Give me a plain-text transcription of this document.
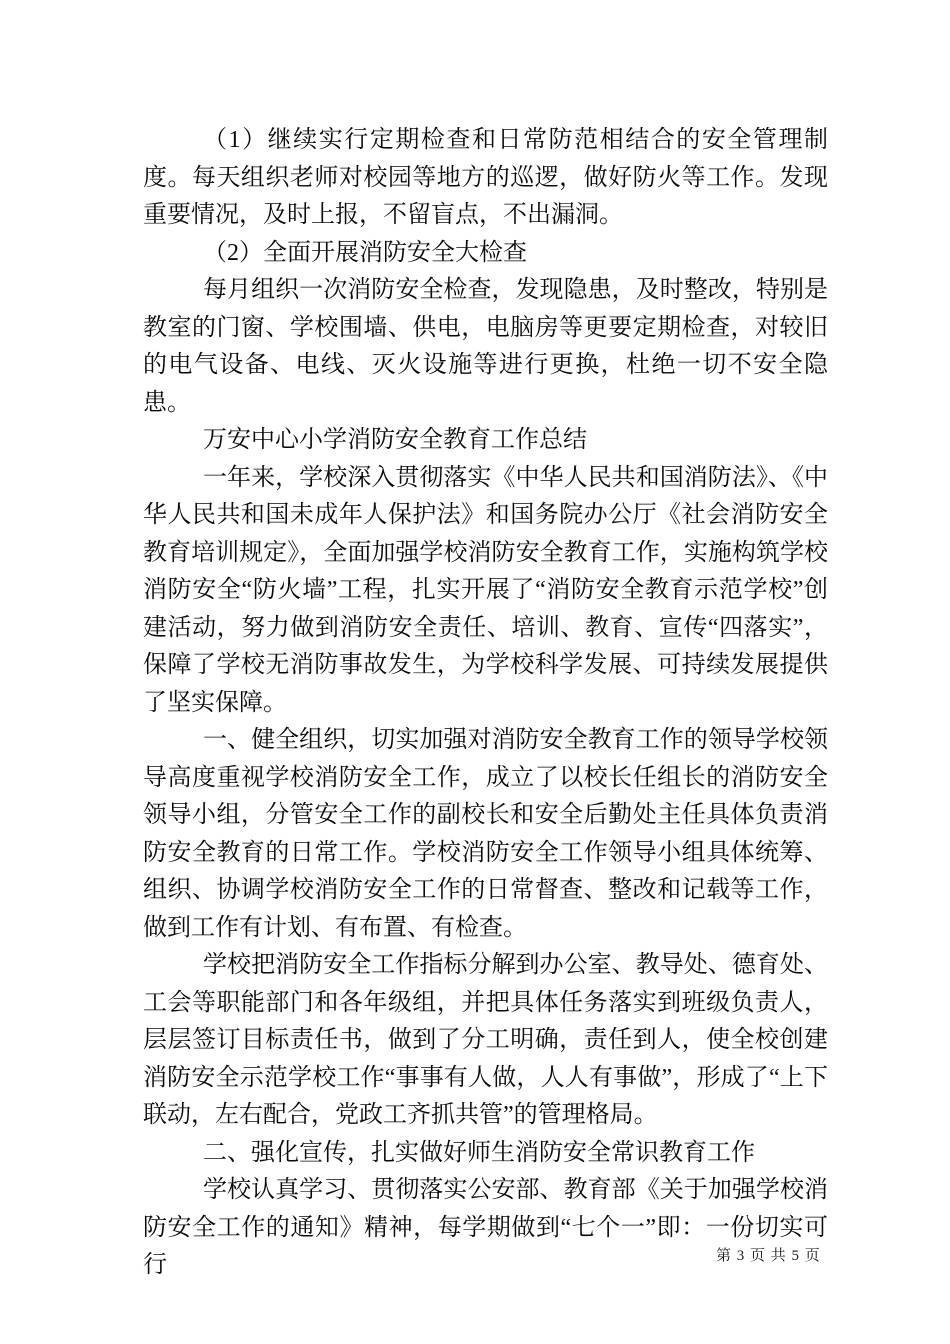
（1）继续实行定期检查和日常防范相结合的安全管理制度。每天组织老师对校园等地方的巡逻，做好防火等工作。发现重要情况，及时上报，不留盲点，不出漏洞。

（2）全面开展消防安全大检查

每月组织一次消防安全检查，发现隐患，及时整改，特别是教室的门窗、学校围墙、供电，电脑房等更要定期检查，对较旧的电气设备、电线、灭火设施等进行更换，杜绝一切不安全隐患。

万安中心小学消防安全教育工作总结

一年来，学校深入贯彻落实《中华人民共和国消防法》、《中华人民共和国未成年人保护法》和国务院办公厅《社会消防安全教育培训规定》，全面加强学校消防安全教育工作，实施构筑学校消防安全“防火墙”工程，扎实开展了“消防安全教育示范学校”创建活动，努力做到消防安全责任、培训、教育、宣传“四落实”，保障了学校无消防事故发生，为学校科学发展、可持续发展提供了坚实保障。

一、健全组织，切实加强对消防安全教育工作的领导学校领导高度重视学校消防安全工作，成立了以校长任组长的消防安全领导小组，分管安全工作的副校长和安全后勤处主任具体负责消防安全教育的日常工作。学校消防安全工作领导小组具体统筹、组织、协调学校消防安全工作的日常督查、整改和记载等工作，做到工作有计划、有布置、有检查。

学校把消防安全工作指标分解到办公室、教导处、德育处、工会等职能部门和各年级组，并把具体任务落实到班级负责人，层层签订目标责任书，做到了分工明确，责任到人，使全校创建消防安全示范学校工作“事事有人做，人人有事做”，形成了“上下联动，左右配合，党政工齐抓共管”的管理格局。

二、强化宣传，扎实做好师生消防安全常识教育工作

学校认真学习、贯彻落实公安部、教育部《关于加强学校消防安全工作的通知》精神，每学期做到“七个一”即：一份切实可行	第 3 页 共 5 页
